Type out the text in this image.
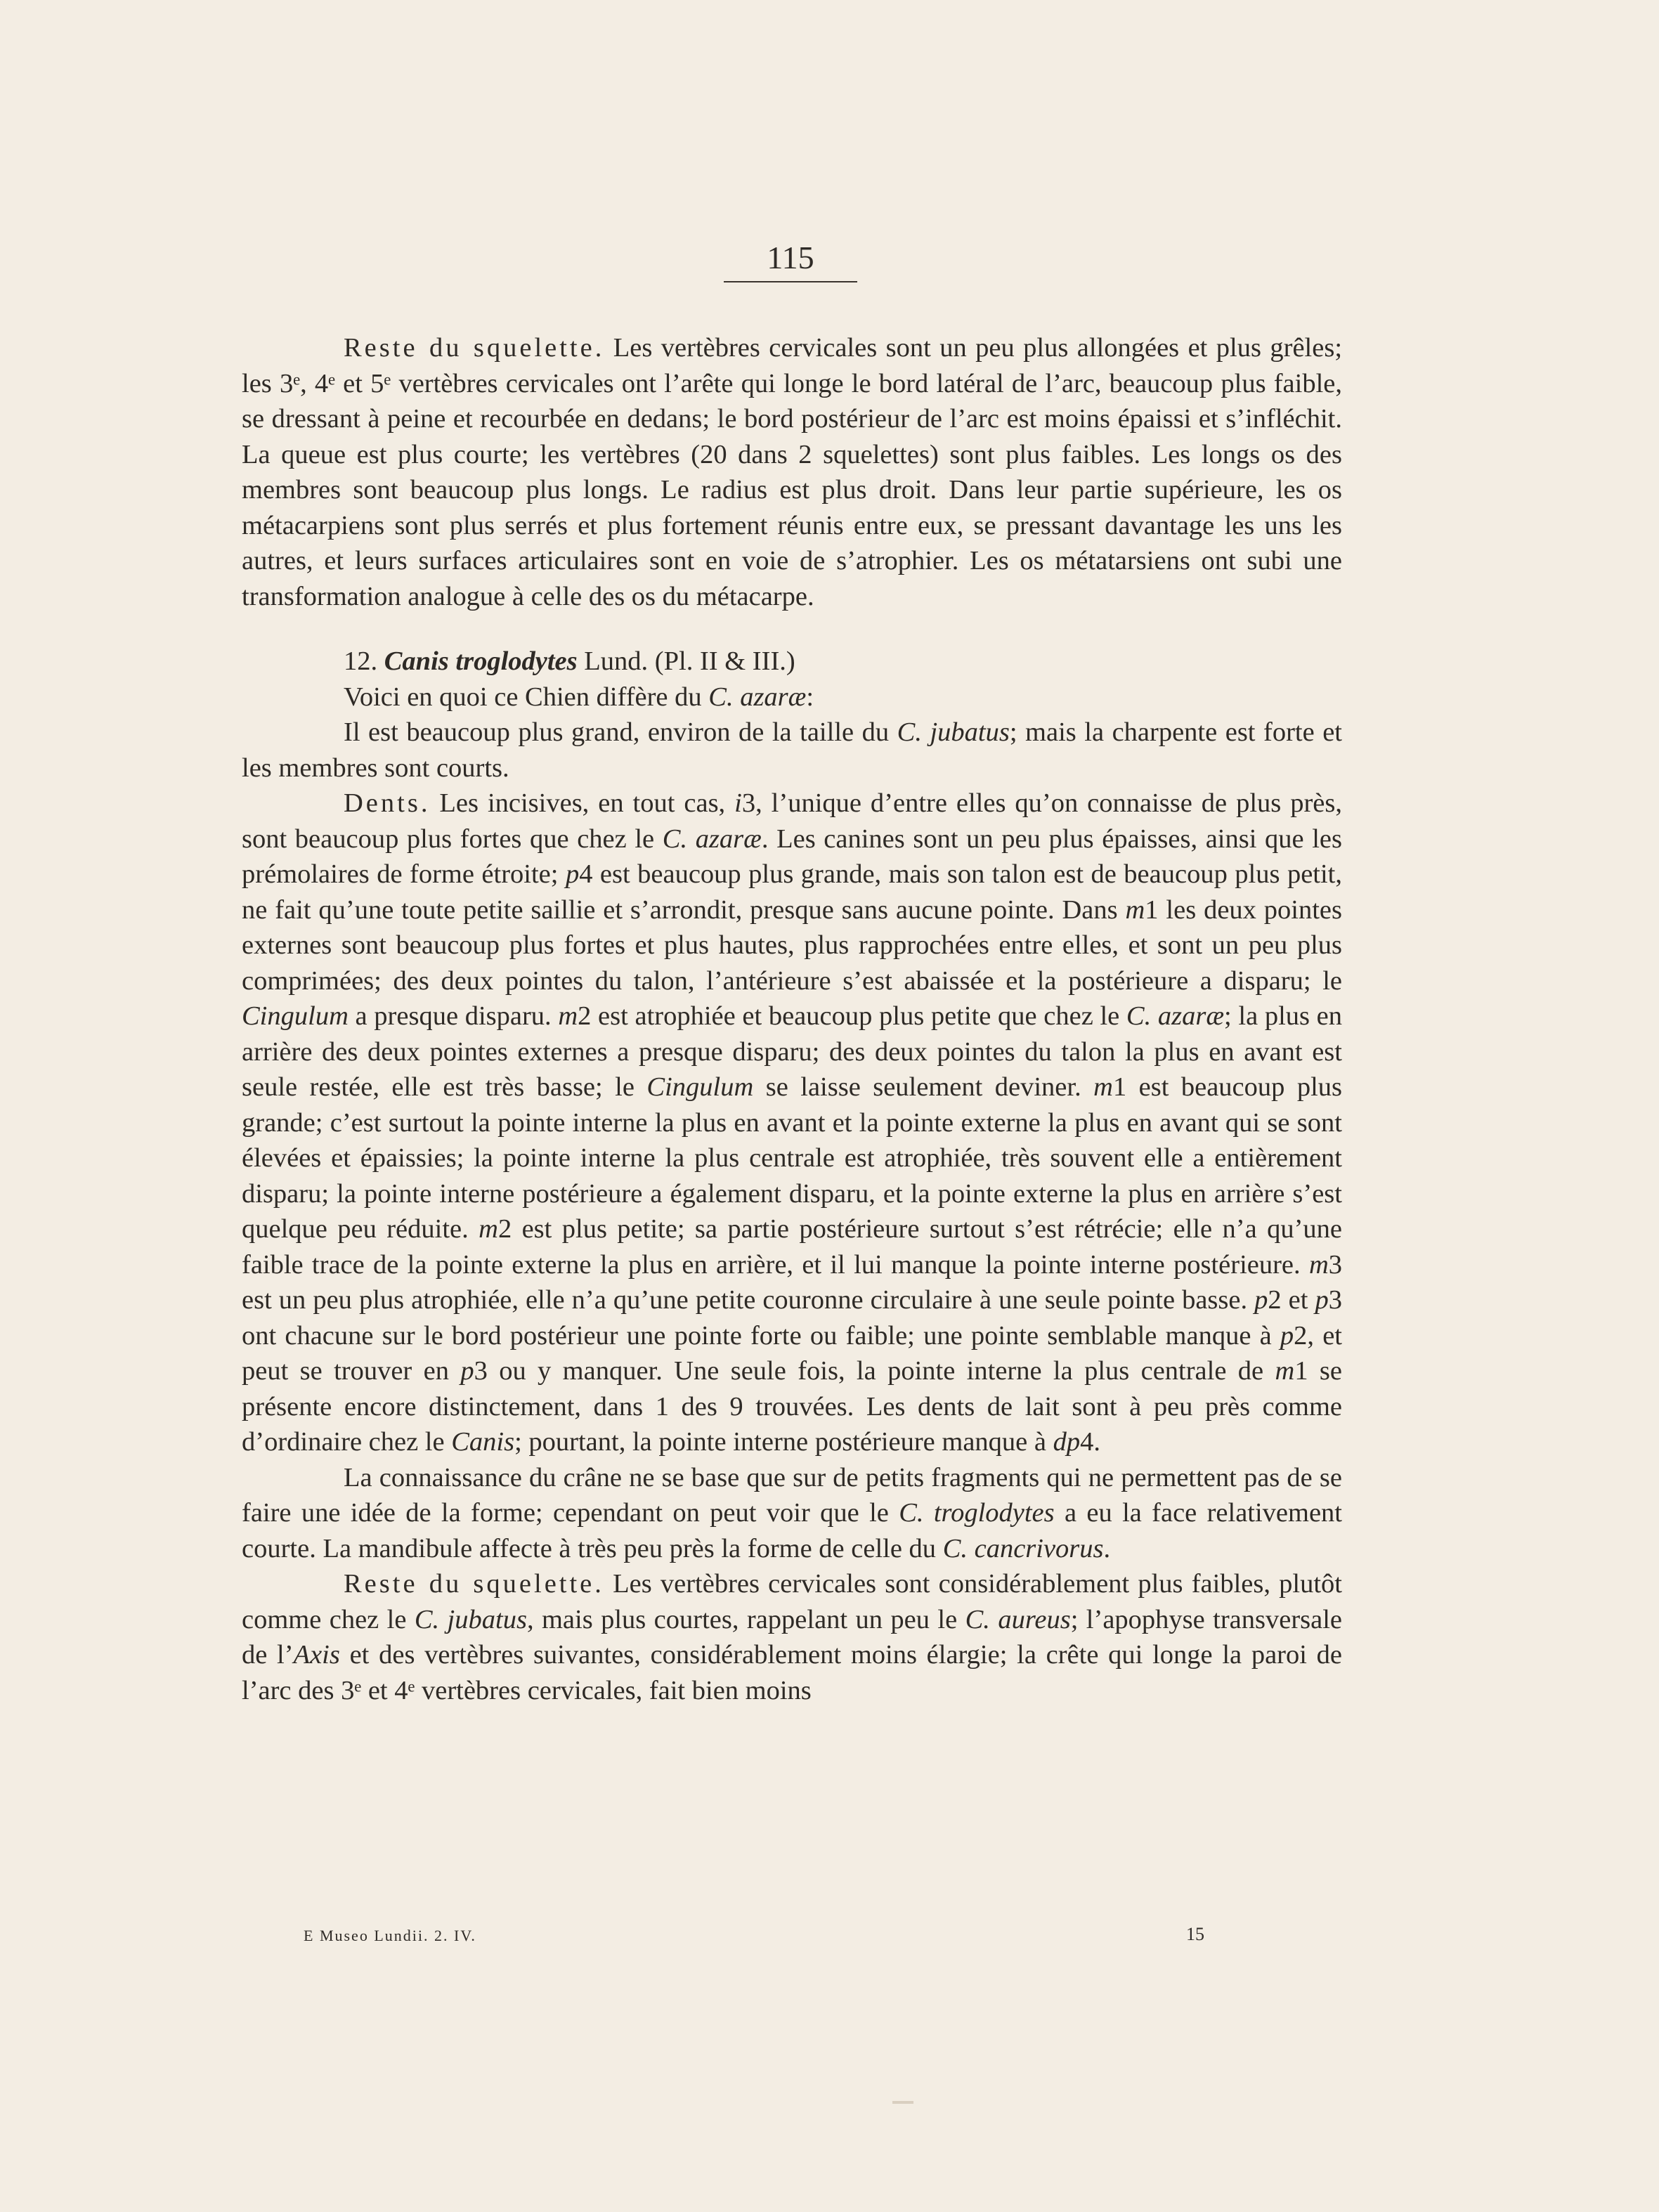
115

Reste du squelette. Les vertèbres cervicales sont un peu plus allongées et plus grêles; les 3ᵉ, 4ᵉ et 5ᵉ vertèbres cervicales ont l’arête qui longe le bord latéral de l’arc, beaucoup plus faible, se dressant à peine et recourbée en dedans; le bord postérieur de l’arc est moins épaissi et s’infléchit. La queue est plus courte; les vertèbres (20 dans 2 squelettes) sont plus faibles. Les longs os des membres sont beaucoup plus longs. Le radius est plus droit. Dans leur partie supérieure, les os métacarpiens sont plus serrés et plus fortement réunis entre eux, se pressant davantage les uns les autres, et leurs surfaces articulaires sont en voie de s’atrophier. Les os métatarsiens ont subi une transformation analogue à celle des os du métacarpe.

12. Canis troglodytes Lund. (Pl. II & III.)

Voici en quoi ce Chien diffère du C. azaræ:

Il est beaucoup plus grand, environ de la taille du C. jubatus; mais la charpente est forte et les membres sont courts.

Dents. Les incisives, en tout cas, i3, l’unique d’entre elles qu’on connaisse de plus près, sont beaucoup plus fortes que chez le C. azaræ. Les canines sont un peu plus épaisses, ainsi que les prémolaires de forme étroite; p4 est beaucoup plus grande, mais son talon est de beaucoup plus petit, ne fait qu’une toute petite saillie et s’arrondit, presque sans aucune pointe. Dans m1 les deux pointes externes sont beaucoup plus fortes et plus hautes, plus rapprochées entre elles, et sont un peu plus comprimées; des deux pointes du talon, l’antérieure s’est abaissée et la postérieure a disparu; le Cingulum a presque disparu. m2 est atrophiée et beaucoup plus petite que chez le C. azaræ; la plus en arrière des deux pointes externes a presque disparu; des deux pointes du talon la plus en avant est seule restée, elle est très basse; le Cingulum se laisse seulement deviner. m1 est beaucoup plus grande; c’est surtout la pointe interne la plus en avant et la pointe externe la plus en avant qui se sont élevées et épaissies; la pointe interne la plus centrale est atrophiée, très souvent elle a entièrement disparu; la pointe interne postérieure a également disparu, et la pointe externe la plus en arrière s’est quelque peu réduite. m2 est plus petite; sa partie postérieure surtout s’est rétrécie; elle n’a qu’une faible trace de la pointe externe la plus en arrière, et il lui manque la pointe interne postérieure. m3 est un peu plus atrophiée, elle n’a qu’une petite couronne circulaire à une seule pointe basse. p2 et p3 ont chacune sur le bord postérieur une pointe forte ou faible; une pointe semblable manque à p2, et peut se trouver en p3 ou y manquer. Une seule fois, la pointe interne la plus centrale de m1 se présente encore distinctement, dans 1 des 9 trouvées. Les dents de lait sont à peu près comme d’ordinaire chez le Canis; pourtant, la pointe interne postérieure manque à dp4.

La connaissance du crâne ne se base que sur de petits fragments qui ne permettent pas de se faire une idée de la forme; cependant on peut voir que le C. troglodytes a eu la face relativement courte. La mandibule affecte à très peu près la forme de celle du C. cancrivorus.

Reste du squelette. Les vertèbres cervicales sont considérablement plus faibles, plutôt comme chez le C. jubatus, mais plus courtes, rappelant un peu le C. aureus; l’apophyse transversale de l’Axis et des vertèbres suivantes, considérablement moins élargie; la crête qui longe la paroi de l’arc des 3ᵉ et 4ᵉ vertèbres cervicales, fait bien moins

E Museo Lundii. 2. IV.	15
